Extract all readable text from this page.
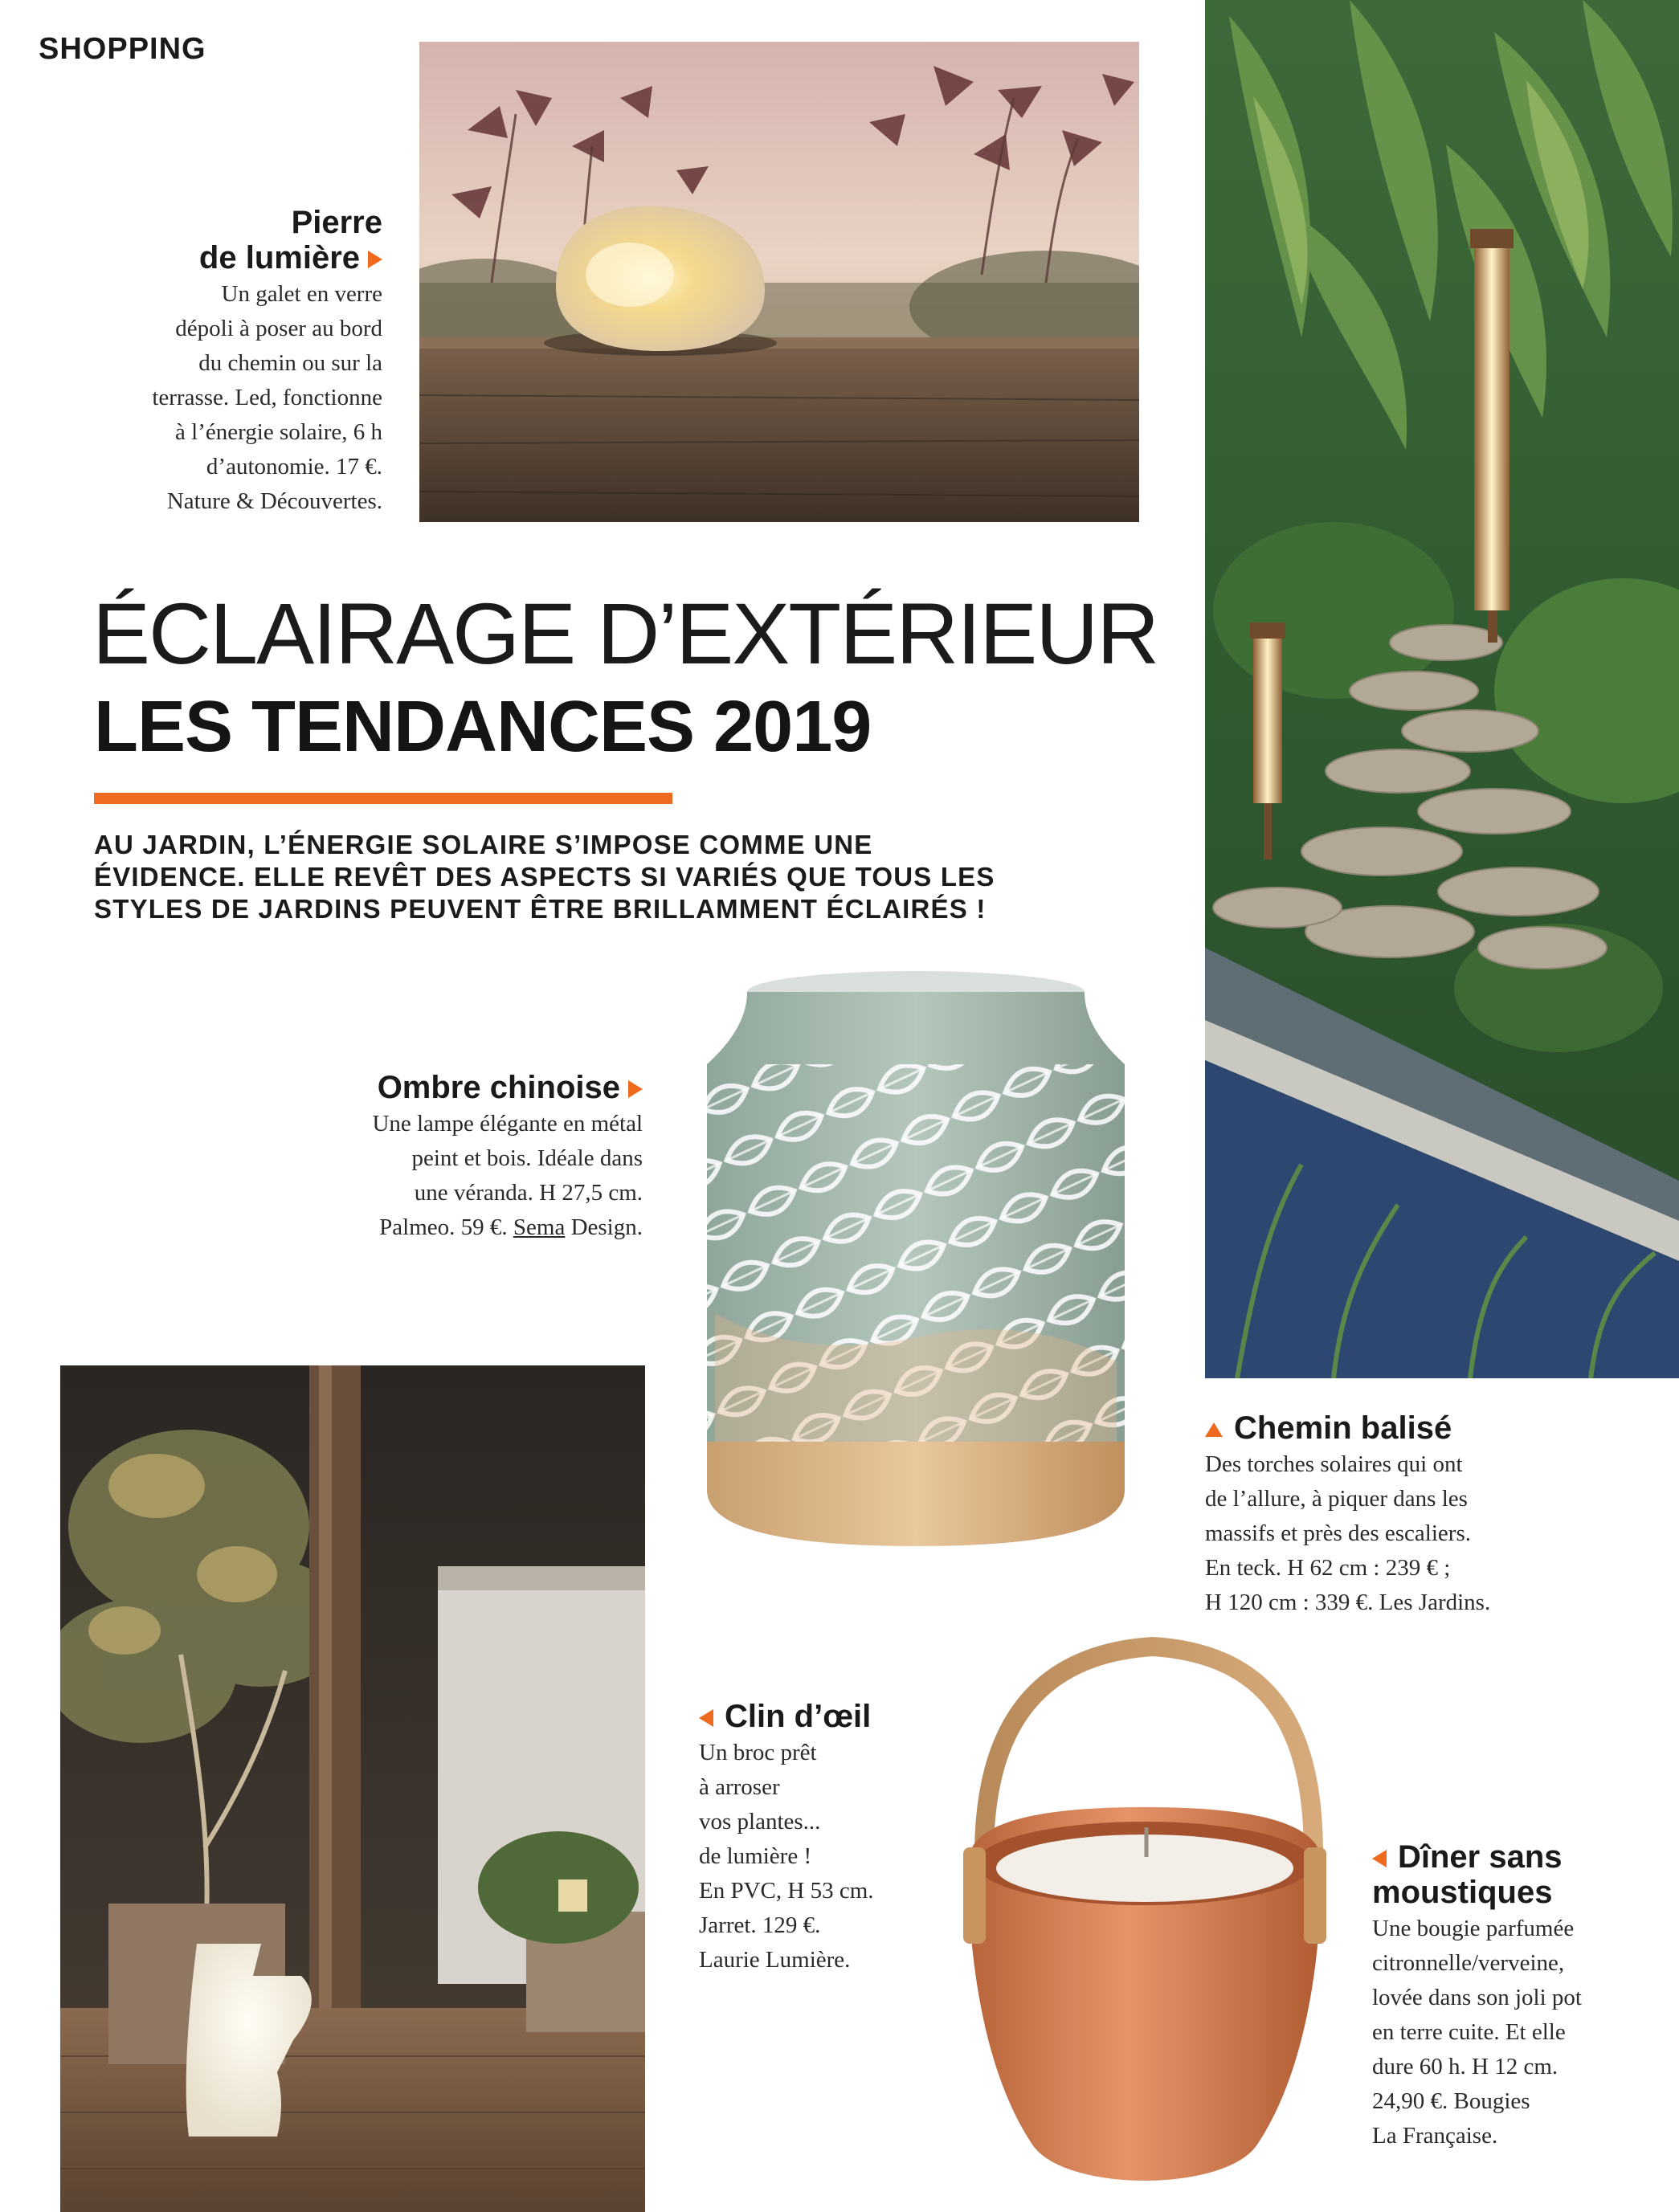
SHOPPING
Pierre
de lumière

Un galet en verre

dépoli à poser au bord

du chemin ou sur la

terrasse. Led, fonctionne

à l’énergie solaire, 6 h

d’autonomie. 17 €.

Nature & Découvertes.

ÉCLAIRAGE D’EXTÉRIEUR
LES TENDANCES 2019

AU JARDIN, L’ÉNERGIE SOLAIRE S’IMPOSE COMME UNE

ÉVIDENCE. ELLE REVÊT DES ASPECTS SI VARIÉS QUE TOUS LES

STYLES DE JARDINS PEUVENT ÊTRE BRILLAMMENT ÉCLAIRÉS !

Ombre chinoise

Une lampe élégante en métal

peint et bois. Idéale dans

une véranda. H 27,5 cm.

Palmeo. 59 €. Sema Design.

Chemin balisé

Des torches solaires qui ont

de l’allure, à piquer dans les

massifs et près des escaliers.

En teck. H 62 cm : 239 € ;

H 120 cm : 339 €. Les Jardins.

Clin d’œil

Un broc prêt

à arroser

vos plantes...

de lumière !

En PVC, H 53 cm.

Jarret. 129 €.

Laurie Lumière.

Dîner sans
moustiques

Une bougie parfumée

citronnelle/verveine,

lovée dans son joli pot

en terre cuite. Et elle

dure 60 h. H 12 cm.

24,90 €. Bougies

La Française.
